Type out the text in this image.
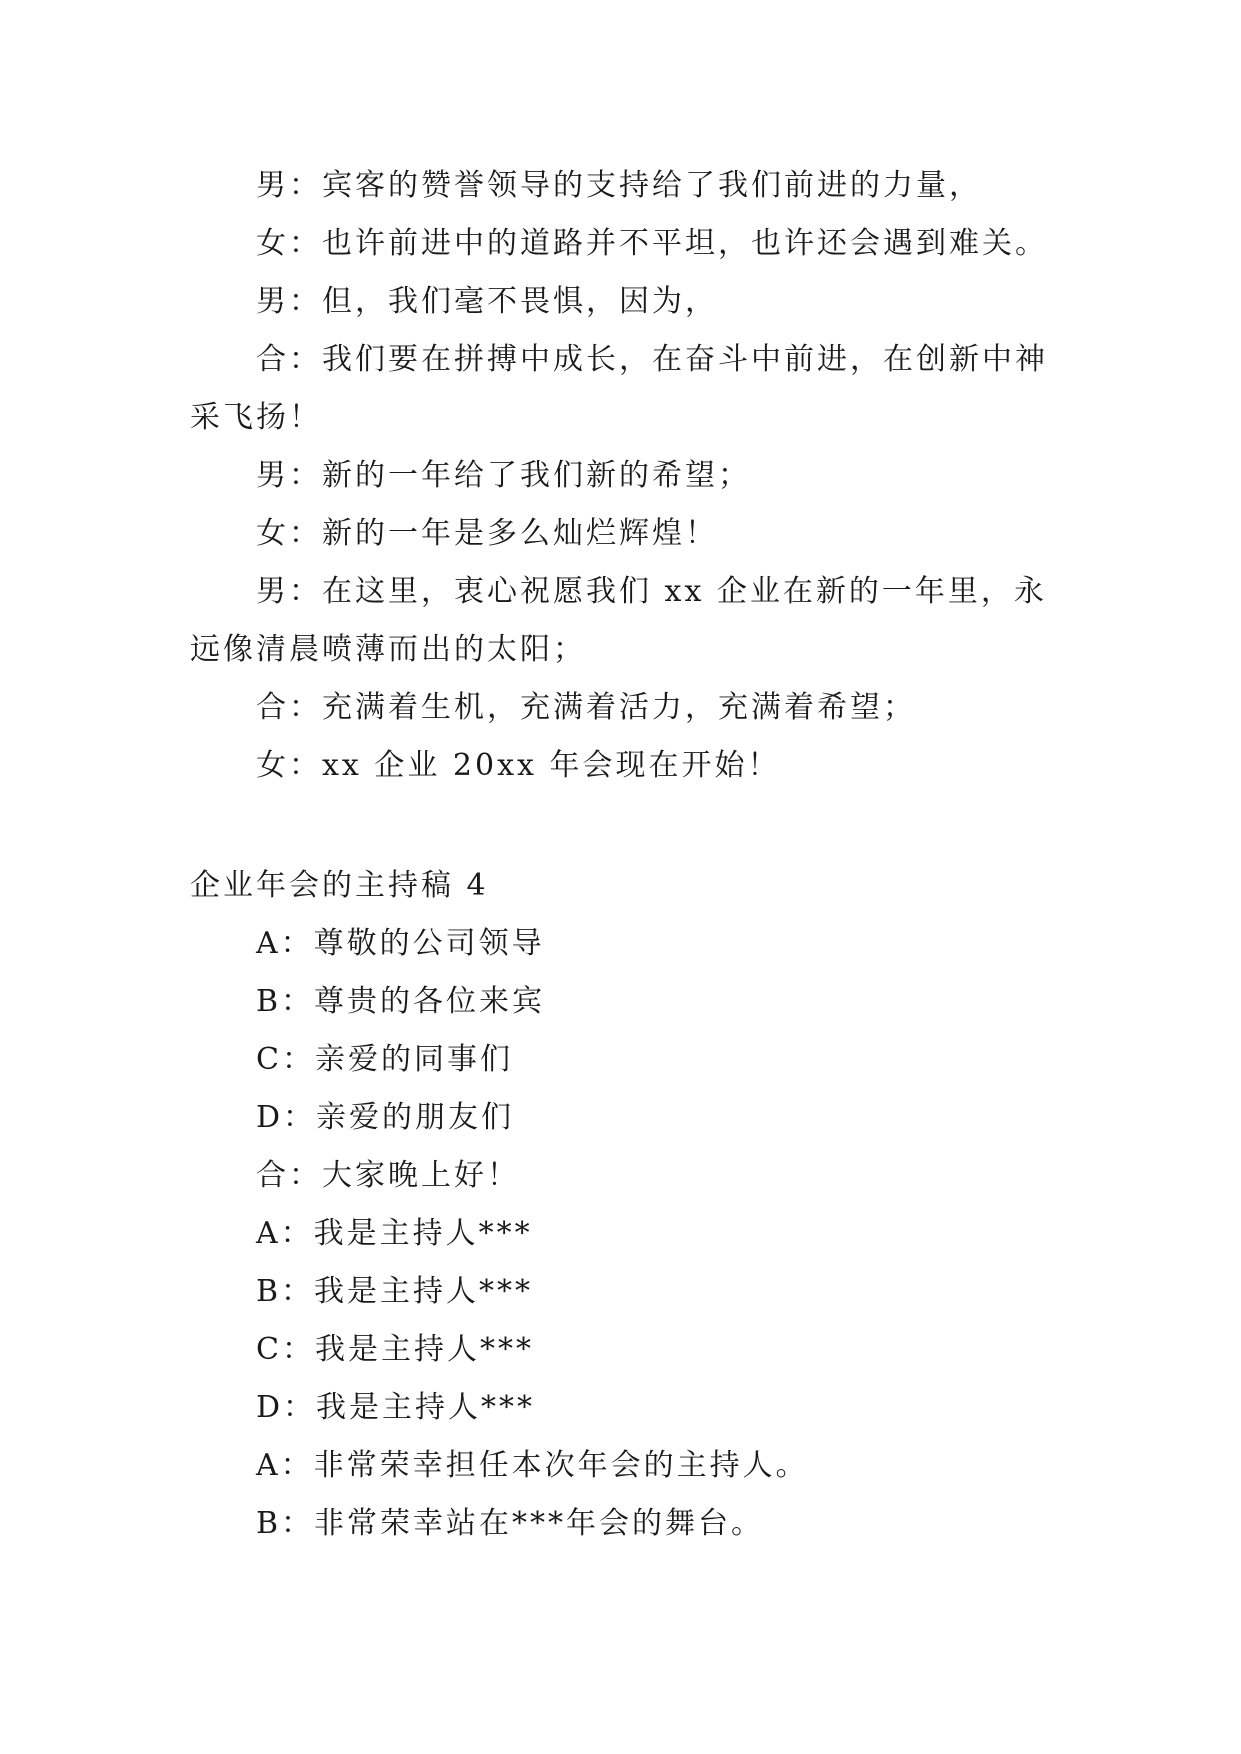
男：宾客的赞誉领导的支持给了我们前进的力量，

女：也许前进中的道路并不平坦，也许还会遇到难关。

男：但，我们毫不畏惧，因为，

合：我们要在拼搏中成长，在奋斗中前进，在创新中神
采飞扬！

男：新的一年给了我们新的希望；

女：新的一年是多么灿烂辉煌！

男：在这里，衷心祝愿我们 xx 企业在新的一年里，永
远像清晨喷薄而出的太阳；

合：充满着生机，充满着活力，充满着希望；

女：xx 企业 20xx 年会现在开始！

企业年会的主持稿 4

A：尊敬的公司领导

B：尊贵的各位来宾

C：亲爱的同事们

D：亲爱的朋友们

合：大家晚上好！

A：我是主持人***

B：我是主持人***

C：我是主持人***

D：我是主持人***

A：非常荣幸担任本次年会的主持人。

B：非常荣幸站在***年会的舞台。
